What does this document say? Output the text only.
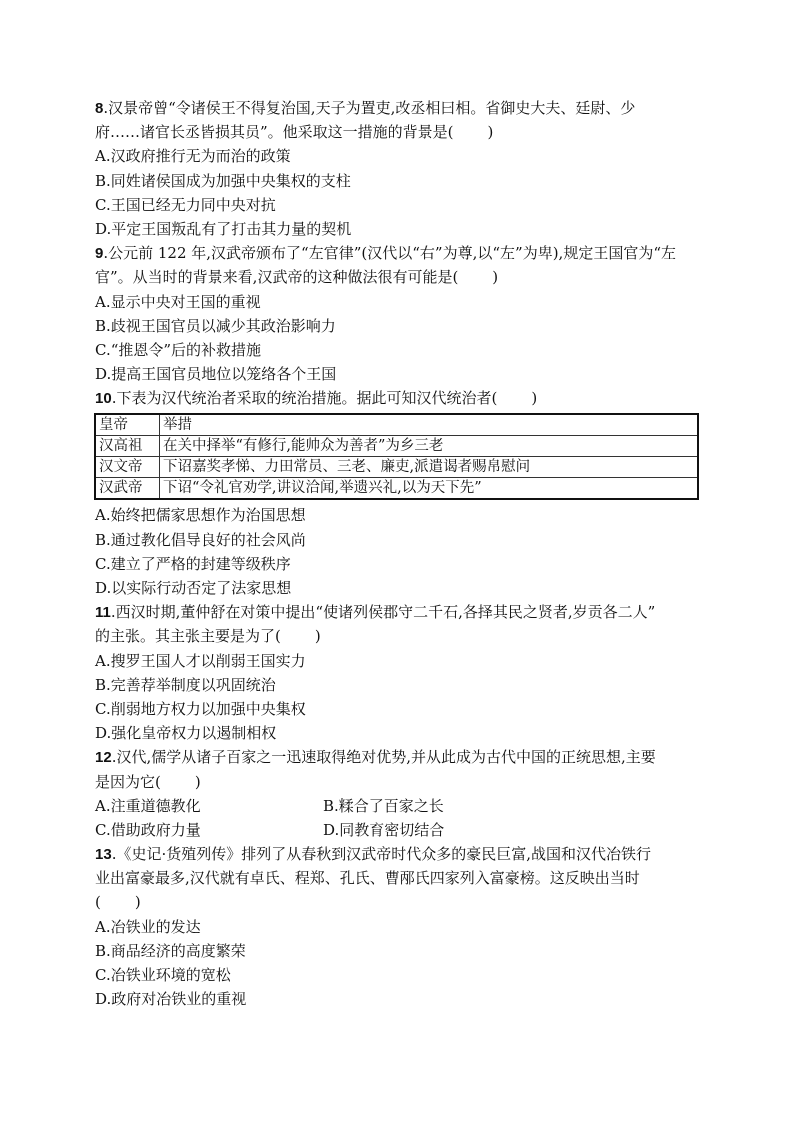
8.汉景帝曾“令诸侯王不得复治国,天子为置吏,改丞相曰相。省御史大夫、廷尉、少
府……诸官长丞皆损其员”。他采取这一措施的背景是( )
A.汉政府推行无为而治的政策
B.同姓诸侯国成为加强中央集权的支柱
C.王国已经无力同中央对抗
D.平定王国叛乱有了打击其力量的契机
9.公元前 122 年,汉武帝颁布了“左官律”(汉代以“右”为尊,以“左”为卑),规定王国官为“左
官”。从当时的背景来看,汉武帝的这种做法很有可能是( )
A.显示中央对王国的重视
B.歧视王国官员以减少其政治影响力
C.“推恩令”后的补救措施
D.提高王国官员地位以笼络各个王国
10.下表为汉代统治者采取的统治措施。据此可知汉代统治者( )
皇帝	举措
汉高祖	在关中择举“有修行,能帅众为善者”为乡三老
汉文帝	下诏嘉奖孝悌、力田常员、三老、廉吏,派遣谒者赐帛慰问
汉武帝	下诏“令礼官劝学,讲议洽闻,举遗兴礼,以为天下先”
A.始终把儒家思想作为治国思想
B.通过教化倡导良好的社会风尚
C.建立了严格的封建等级秩序
D.以实际行动否定了法家思想
11.西汉时期,董仲舒在对策中提出“使诸列侯郡守二千石,各择其民之贤者,岁贡各二人”
的主张。其主张主要是为了( )
A.搜罗王国人才以削弱王国实力
B.完善荐举制度以巩固统治
C.削弱地方权力以加强中央集权
D.强化皇帝权力以遏制相权
12.汉代,儒学从诸子百家之一迅速取得绝对优势,并从此成为古代中国的正统思想,主要
是因为它( )
A.注重道德教化	B.糅合了百家之长
C.借助政府力量	D.同教育密切结合
13.《史记·货殖列传》排列了从春秋到汉武帝时代众多的豪民巨富,战国和汉代冶铁行
业出富豪最多,汉代就有卓氏、程郑、孔氏、曹邴氏四家列入富豪榜。这反映出当时
( )
A.冶铁业的发达
B.商品经济的高度繁荣
C.冶铁业环境的宽松
D.政府对冶铁业的重视
